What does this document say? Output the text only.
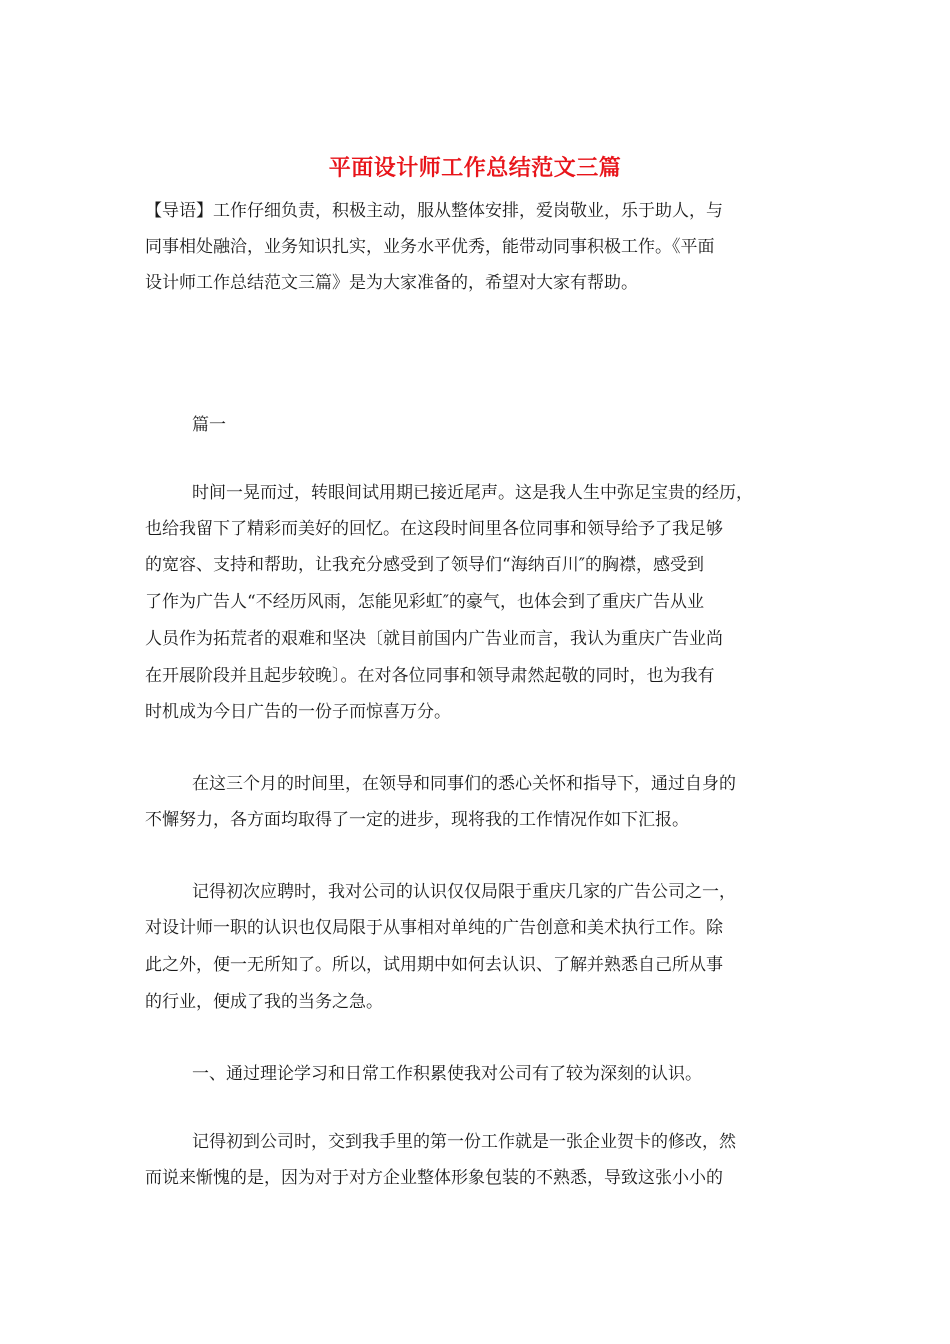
平面设计师工作总结范文三篇
【导语】工作仔细负责，积极主动，服从整体安排，爱岗敬业，乐于助人，与
同事相处融洽，业务知识扎实，业务水平优秀，能带动同事积极工作。《平面
设计师工作总结范文三篇》是为大家准备的，希望对大家有帮助。
篇一
时间一晃而过，转眼间试用期已接近尾声。这是我人生中弥足宝贵的经历，
也给我留下了精彩而美好的回忆。在这段时间里各位同事和领导给予了我足够
的宽容、支持和帮助，让我充分感受到了领导们“海纳百川″的胸襟，感受到
了作为广告人“不经历风雨，怎能见彩虹″的豪气，也体会到了重庆广告从业
人员作为拓荒者的艰难和坚决〔就目前国内广告业而言，我认为重庆广告业尚
在开展阶段并且起步较晚〕。在对各位同事和领导肃然起敬的同时，也为我有
时机成为今日广告的一份子而惊喜万分。
在这三个月的时间里，在领导和同事们的悉心关怀和指导下，通过自身的
不懈努力，各方面均取得了一定的进步，现将我的工作情况作如下汇报。
记得初次应聘时，我对公司的认识仅仅局限于重庆几家的广告公司之一，
对设计师一职的认识也仅局限于从事相对单纯的广告创意和美术执行工作。除
此之外，便一无所知了。所以，试用期中如何去认识、了解并熟悉自己所从事
的行业，便成了我的当务之急。
一、通过理论学习和日常工作积累使我对公司有了较为深刻的认识。
记得初到公司时，交到我手里的第一份工作就是一张企业贺卡的修改，然
而说来惭愧的是，因为对于对方企业整体形象包装的不熟悉，导致这张小小的
